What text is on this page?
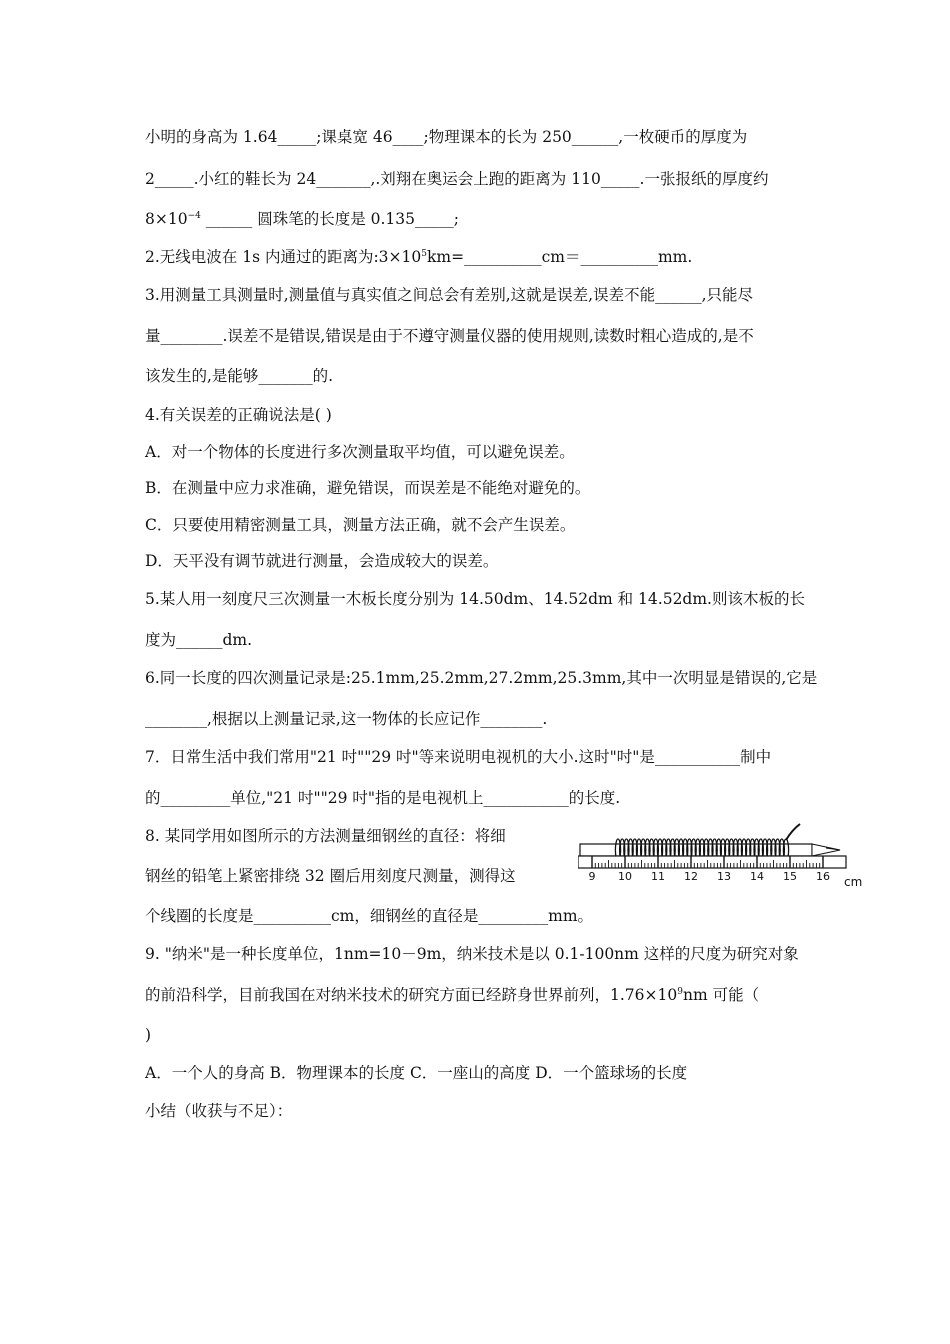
小明的身高为 1.64_____;课桌宽 46____;物理课本的长为 250______,一枚硬币的厚度为
2_____.小红的鞋长为 24_______,.刘翔在奥运会上跑的距离为 110_____.一张报纸的厚度约
$8\times 10^{-4}$ ______ 圆珠笔的长度是 0.135_____;
2.无线电波在 1s 内通过的距离为$:3\times 10^5km=\_\_\_\_\_\_\_\_\_\_cm=\_\_\_\_\_\_\_\_\_\_mm$.
3.用测量工具测量时,测量值与真实值之间总会有差别,这就是误差,误差不能______,只能尽
量________.误差不是错误,错误是由于不遵守测量仪器的使用规则,读数时粗心造成的,是不
该发生的,是能够_______的.
4.有关误差的正确说法是( )
A．对一个物体的长度进行多次测量取平均值，可以避免误差。
B．在测量中应力求准确，避免错误，而误差是不能绝对避免的。
C．只要使用精密测量工具，测量方法正确，就不会产生误差。
D．天平没有调节就进行测量，会造成较大的误差。
5.某人用一刻度尺三次测量一木板长度分别为 14.50dm、14.52dm 和 14.52dm.则该木板的长
度为______dm.
6.同一长度的四次测量记录是:25.1mm,25.2mm,27.2mm,25.3mm,其中一次明显是错误的,它是
________,根据以上测量记录,这一物体的长应记作________.
7．日常生活中我们常用"21 吋""29 吋"等来说明电视机的大小.这时"吋"是___________制中
的_________单位,"21 吋""29 吋"指的是电视机上___________的长度.
8. 某同学用如图所示的方法测量细钢丝的直径：将细
钢丝的铅笔上紧密排绕 32 圈后用刻度尺测量，测得这
个线圈的长度是__________cm，细钢丝的直径是_________mm。
9. "纳米"是一种长度单位，1nm=10－9m，纳米技术是以 0.1-100nm 这样的尺度为研究对象
的前沿科学，目前我国在对纳米技术的研究方面已经跻身世界前列，$1.76\times 10^9nm$ 可能（
)
A．一个人的身高 B．物理课本的长度 C．一座山的高度 D．一个篮球场的长度
小结（收获与不足）：
9 10 11 12 13 14 15 16 cm
